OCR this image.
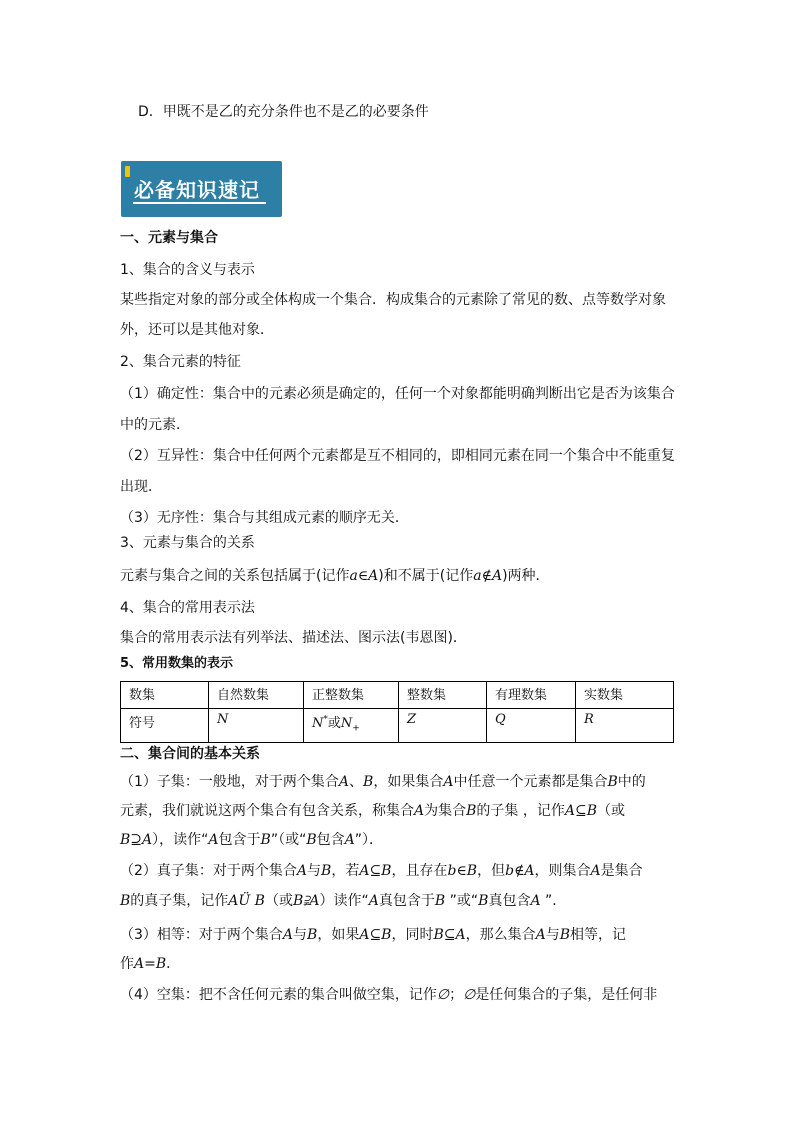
D．甲既不是乙的充分条件也不是乙的必要条件
必备知识速记
一、元素与集合
1、集合的含义与表示
某些指定对象的部分或全体构成一个集合．构成集合的元素除了常见的数、点等数学对象
外，还可以是其他对象．
2、集合元素的特征
（1）确定性：集合中的元素必须是确定的，任何一个对象都能明确判断出它是否为该集合
中的元素．
（2）互异性：集合中任何两个元素都是互不相同的，即相同元素在同一个集合中不能重复
出现．
（3）无序性：集合与其组成元素的顺序无关．
3、元素与集合的关系
元素与集合之间的关系包括属于(记作a∈A)和不属于(记作a∉A)两种．
4、集合的常用表示法
集合的常用表示法有列举法、描述法、图示法(韦恩图)．
5、常用数集的表示
数集	自然数集	正整数集	整数集	有理数集	实数集
符号	N	N*或$N_+$	Z	Q	R
二、集合间的基本关系
（1）子集：一般地，对于两个集合A、B，如果集合A中任意一个元素都是集合B中的
元素，我们就说这两个集合有包含关系，称集合A为集合B的子集 ，记作A⊆B（或
B⊇A），读作“A包含于B”（或“B包含A”）．
（2）真子集：对于两个集合A与B，若A⊆B，且存在b∈B，但b∉A，则集合A是集合
B的真子集，记作AÜ B（或B⫌A）读作“A真包含于B ”或“B真包含A ”．
（3）相等：对于两个集合A与B，如果A⊆B，同时B⊆A，那么集合A与B相等，记
作A=B．
（4）空集：把不含任何元素的集合叫做空集，记作∅；∅是任何集合的子集，是任何非
